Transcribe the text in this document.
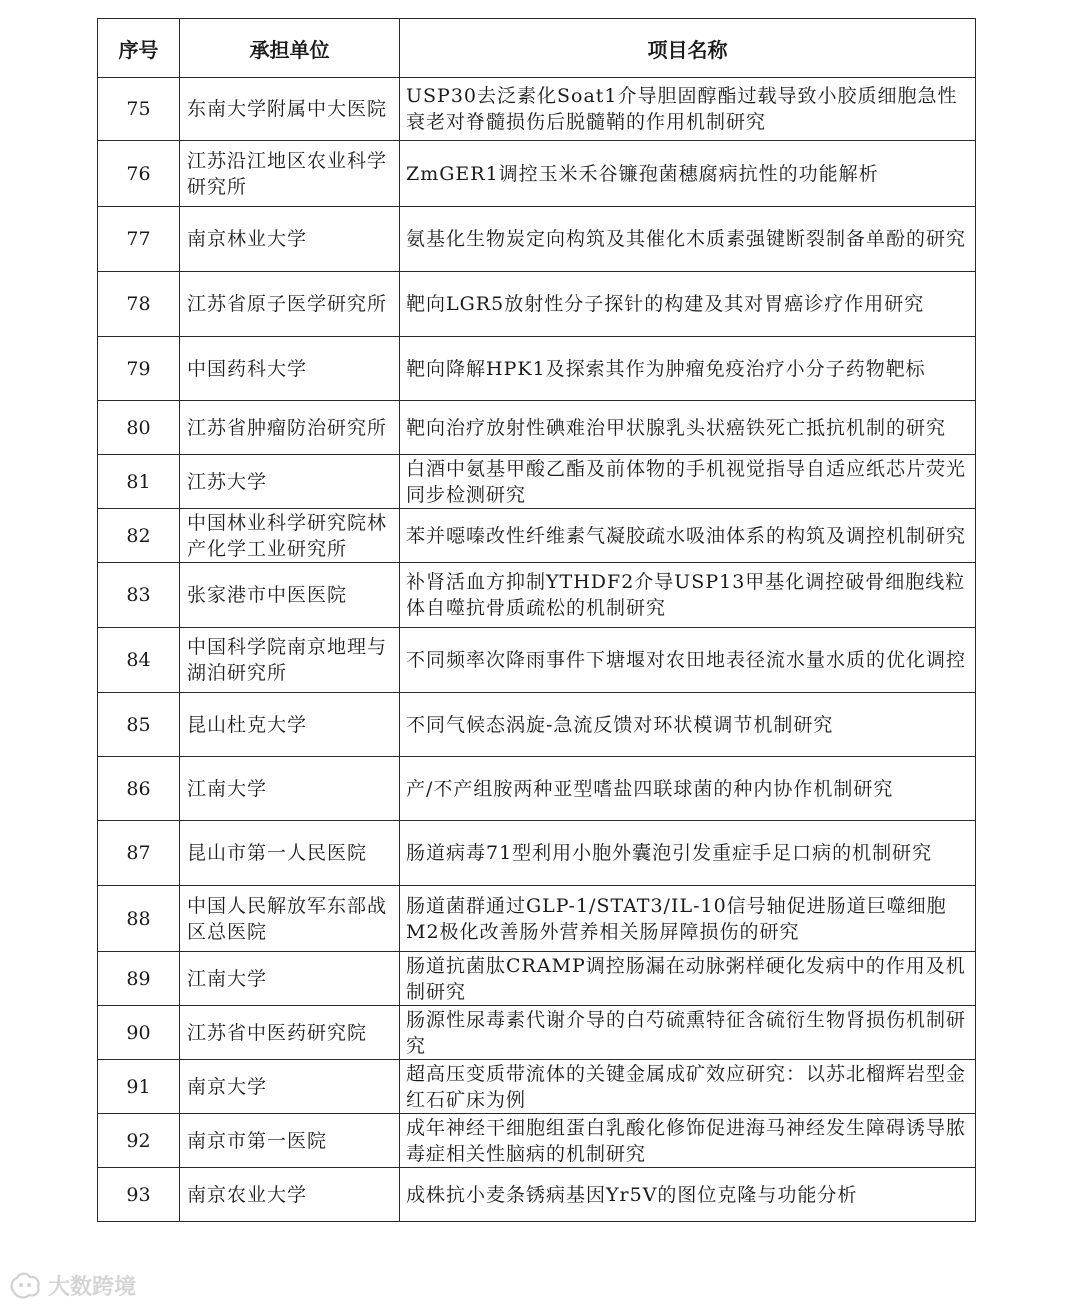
序号	承担单位	项目名称
75	东南大学附属中大医院	USP30去泛素化Soat1介导胆固醇酯过载导致小胶质细胞急性衰老对脊髓损伤后脱髓鞘的作用机制研究
76	江苏沿江地区农业科学研究所	ZmGER1调控玉米禾谷镰孢菌穗腐病抗性的功能解析
77	南京林业大学	氨基化生物炭定向构筑及其催化木质素强键断裂制备单酚的研究
78	江苏省原子医学研究所	靶向LGR5放射性分子探针的构建及其对胃癌诊疗作用研究
79	中国药科大学	靶向降解HPK1及探索其作为肿瘤免疫治疗小分子药物靶标
80	江苏省肿瘤防治研究所	靶向治疗放射性碘难治甲状腺乳头状癌铁死亡抵抗机制的研究
81	江苏大学	白酒中氨基甲酸乙酯及前体物的手机视觉指导自适应纸芯片荧光同步检测研究
82	中国林业科学研究院林产化学工业研究所	苯并噁嗪改性纤维素气凝胶疏水吸油体系的构筑及调控机制研究
83	张家港市中医医院	补肾活血方抑制YTHDF2介导USP13甲基化调控破骨细胞线粒体自噬抗骨质疏松的机制研究
84	中国科学院南京地理与湖泊研究所	不同频率次降雨事件下塘堰对农田地表径流水量水质的优化调控
85	昆山杜克大学	不同气候态涡旋-急流反馈对环状模调节机制研究
86	江南大学	产/不产组胺两种亚型嗜盐四联球菌的种内协作机制研究
87	昆山市第一人民医院	肠道病毒71型利用小胞外囊泡引发重症手足口病的机制研究
88	中国人民解放军东部战区总医院	肠道菌群通过GLP-1/STAT3/IL-10信号轴促进肠道巨噬细胞M2极化改善肠外营养相关肠屏障损伤的研究
89	江南大学	肠道抗菌肽CRAMP调控肠漏在动脉粥样硬化发病中的作用及机制研究
90	江苏省中医药研究院	肠源性尿毒素代谢介导的白芍硫熏特征含硫衍生物肾损伤机制研究
91	南京大学	超高压变质带流体的关键金属成矿效应研究：以苏北榴辉岩型金红石矿床为例
92	南京市第一医院	成年神经干细胞组蛋白乳酸化修饰促进海马神经发生障碍诱导脓毒症相关性脑病的机制研究
93	南京农业大学	成株抗小麦条锈病基因Yr5V的图位克隆与功能分析
大数跨境
